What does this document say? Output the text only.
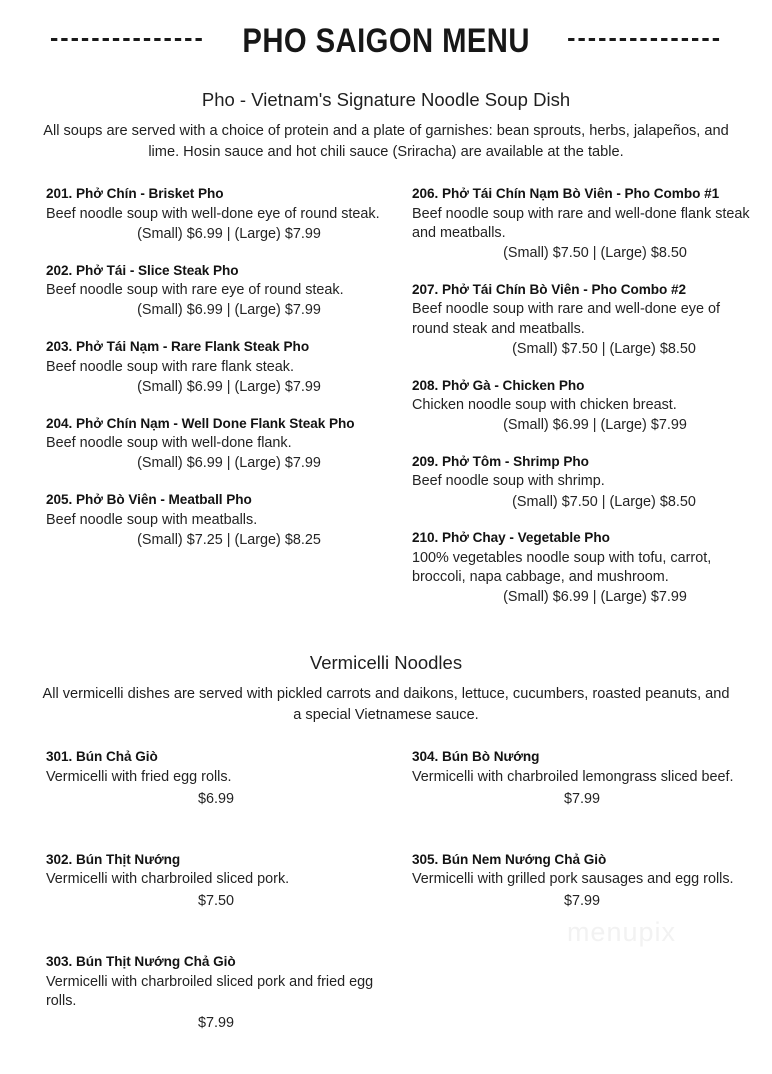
--------------- PHO SAIGON MENU ---------------
Pho - Vietnam's Signature Noodle Soup Dish
All soups are served with a choice of protein and a plate of garnishes: bean sprouts, herbs, jalapeños, and lime. Hosin sauce and hot chili sauce (Sriracha) are available at the table.
201. Phở Chín - Brisket Pho
Beef noodle soup with well-done eye of round steak.
(Small) $6.99 | (Large) $7.99
202. Phở Tái - Slice Steak Pho
Beef noodle soup with rare eye of round steak.
(Small) $6.99 | (Large) $7.99
203. Phở Tái Nạm - Rare Flank Steak Pho
Beef noodle soup with rare flank steak.
(Small) $6.99 | (Large) $7.99
204. Phở Chín Nạm - Well Done Flank Steak Pho
Beef noodle soup with well-done flank.
(Small) $6.99 | (Large) $7.99
205. Phở Bò Viên - Meatball Pho
Beef noodle soup with meatballs.
(Small) $7.25 | (Large) $8.25
206. Phở Tái Chín Nạm Bò Viên - Pho Combo #1
Beef noodle soup with rare and well-done flank steak and meatballs.
(Small) $7.50 | (Large) $8.50
207. Phở Tái Chín Bò Viên - Pho Combo #2
Beef noodle soup with rare and well-done eye of round steak and meatballs.
(Small) $7.50 | (Large) $8.50
208. Phở Gà - Chicken Pho
Chicken noodle soup with chicken breast.
(Small) $6.99 | (Large) $7.99
209. Phở Tôm - Shrimp Pho
Beef noodle soup with shrimp.
(Small) $7.50 | (Large) $8.50
210. Phở Chay - Vegetable Pho
100% vegetables noodle soup with tofu, carrot, broccoli, napa cabbage, and mushroom.
(Small) $6.99 | (Large) $7.99
Vermicelli Noodles
All vermicelli dishes are served with pickled carrots and daikons, lettuce, cucumbers, roasted peanuts, and a special Vietnamese sauce.
301. Bún Chả Giò
Vermicelli with fried egg rolls.
$6.99
302. Bún Thịt Nướng
Vermicelli with charbroiled sliced pork.
$7.50
303. Bún Thịt Nướng Chả Giò
Vermicelli with charbroiled sliced pork and fried egg rolls.
$7.99
304. Bún Bò Nướng
Vermicelli with charbroiled lemongrass sliced beef.
$7.99
305. Bún Nem Nướng Chả Giò
Vermicelli with grilled pork sausages and egg rolls.
$7.99
menupix
